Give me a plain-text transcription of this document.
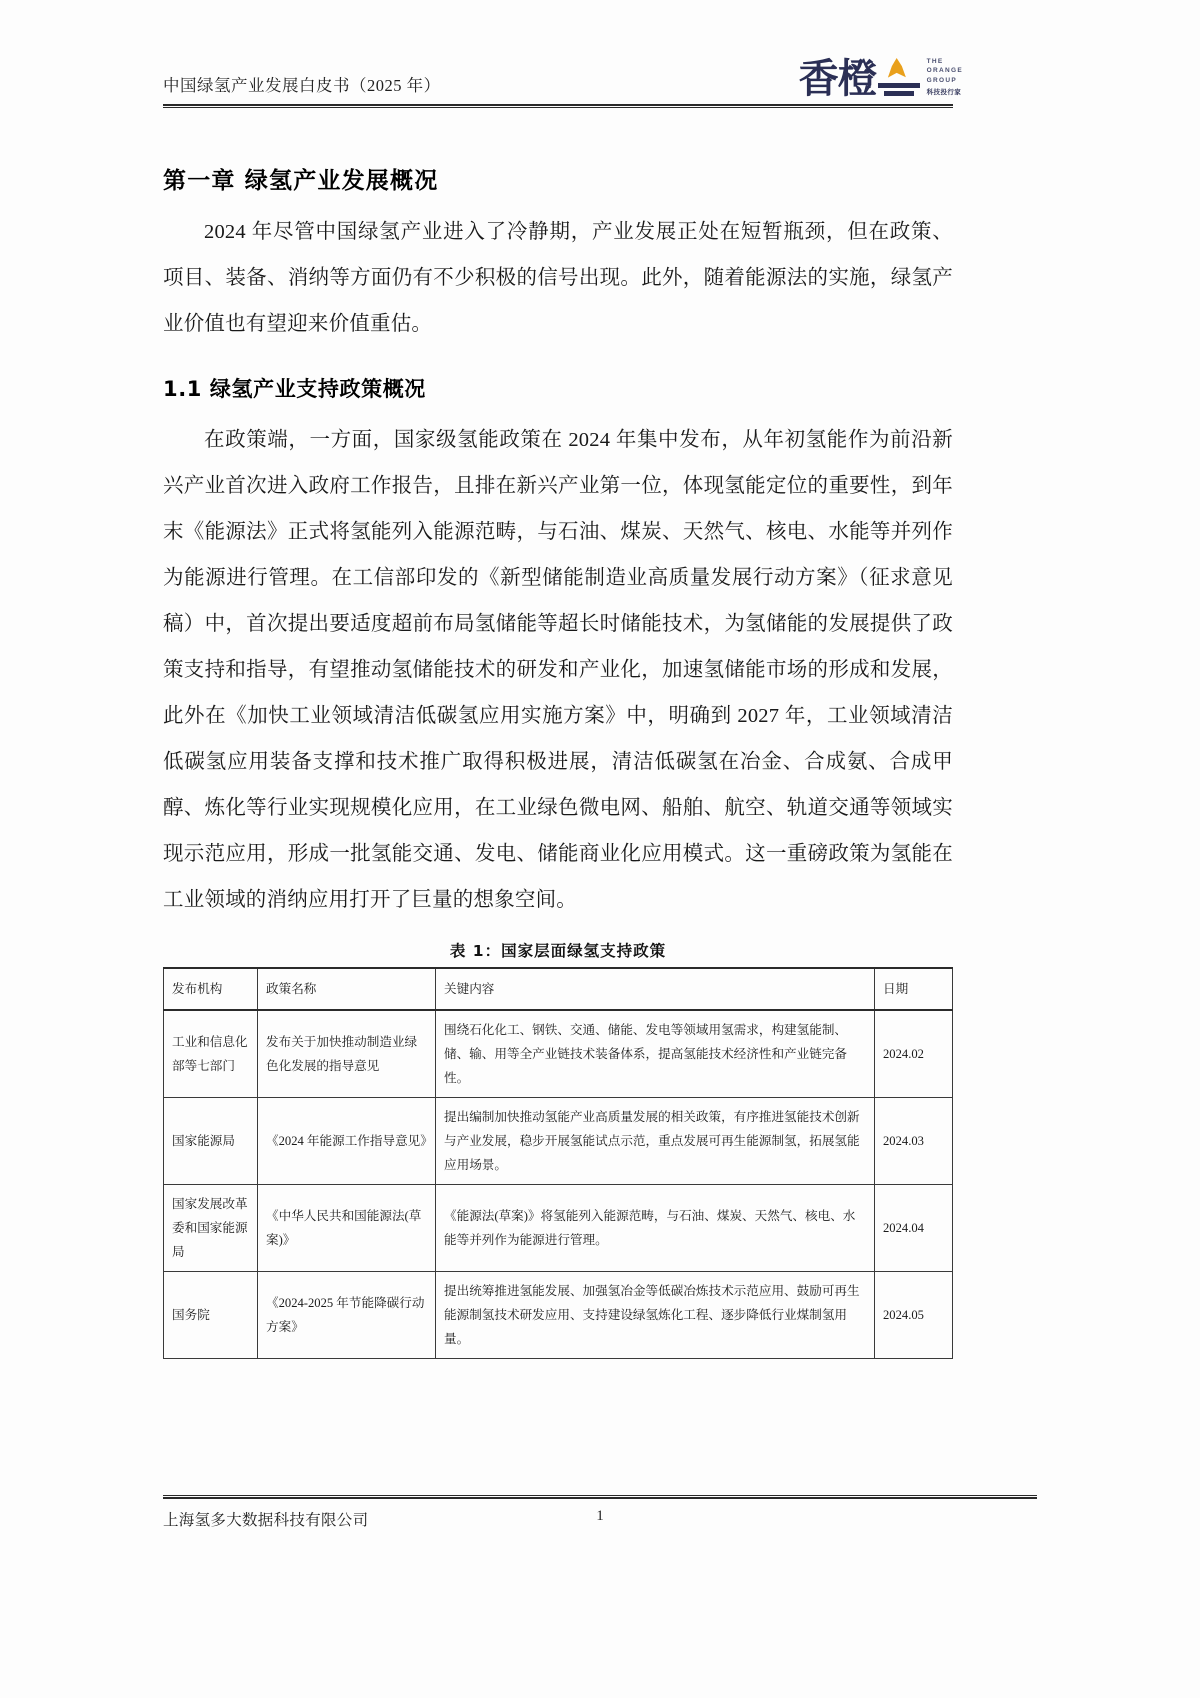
中国绿氢产业发展白皮书（2025 年）	香橙	THE
ORANGE
GROUP
科技投行家
第一章 绿氢产业发展概况

2024 年尽管中国绿氢产业进入了冷静期，产业发展正处在短暂瓶颈，但在政策、项目、装备、消纳等方面仍有不少积极的信号出现。此外，随着能源法的实施，绿氢产业价值也有望迎来价值重估。

1.1 绿氢产业支持政策概况

在政策端，一方面，国家级氢能政策在 2024 年集中发布，从年初氢能作为前沿新兴产业首次进入政府工作报告，且排在新兴产业第一位，体现氢能定位的重要性，到年末《能源法》正式将氢能列入能源范畴，与石油、煤炭、天然气、核电、水能等并列作为能源进行管理。在工信部印发的《新型储能制造业高质量发展行动方案》（征求意见稿）中，首次提出要适度超前布局氢储能等超长时储能技术，为氢储能的发展提供了政策支持和指导，有望推动氢储能技术的研发和产业化，加速氢储能市场的形成和发展，此外在《加快工业领域清洁低碳氢应用实施方案》中，明确到 2027 年，工业领域清洁低碳氢应用装备支撑和技术推广取得积极进展，清洁低碳氢在冶金、合成氨、合成甲醇、炼化等行业实现规模化应用，在工业绿色微电网、船舶、航空、轨道交通等领域实现示范应用，形成一批氢能交通、发电、储能商业化应用模式。这一重磅政策为氢能在工业领域的消纳应用打开了巨量的想象空间。

表 1：国家层面绿氢支持政策
发布机构	政策名称	关键内容	日期
工业和信息化部等七部门	发布关于加快推动制造业绿色化发展的指导意见	围绕石化化工、钢铁、交通、储能、发电等领域用氢需求，构建氢能制、储、输、用等全产业链技术装备体系，提高氢能技术经济性和产业链完备性。	2024.02
国家能源局	《2024 年能源工作指导意见》	提出编制加快推动氢能产业高质量发展的相关政策，有序推进氢能技术创新与产业发展，稳步开展氢能试点示范，重点发展可再生能源制氢，拓展氢能应用场景。	2024.03
国家发展改革委和国家能源局	《中华人民共和国能源法(草案)》	《能源法(草案)》将氢能列入能源范畴，与石油、煤炭、天然气、核电、水能等并列作为能源进行管理。	2024.04
国务院	《2024-2025 年节能降碳行动方案》	提出统筹推进氢能发展、加强氢冶金等低碳冶炼技术示范应用、鼓励可再生能源制氢技术研发应用、支持建设绿氢炼化工程、逐步降低行业煤制氢用量。	2024.05
上海氢多大数据科技有限公司	1
